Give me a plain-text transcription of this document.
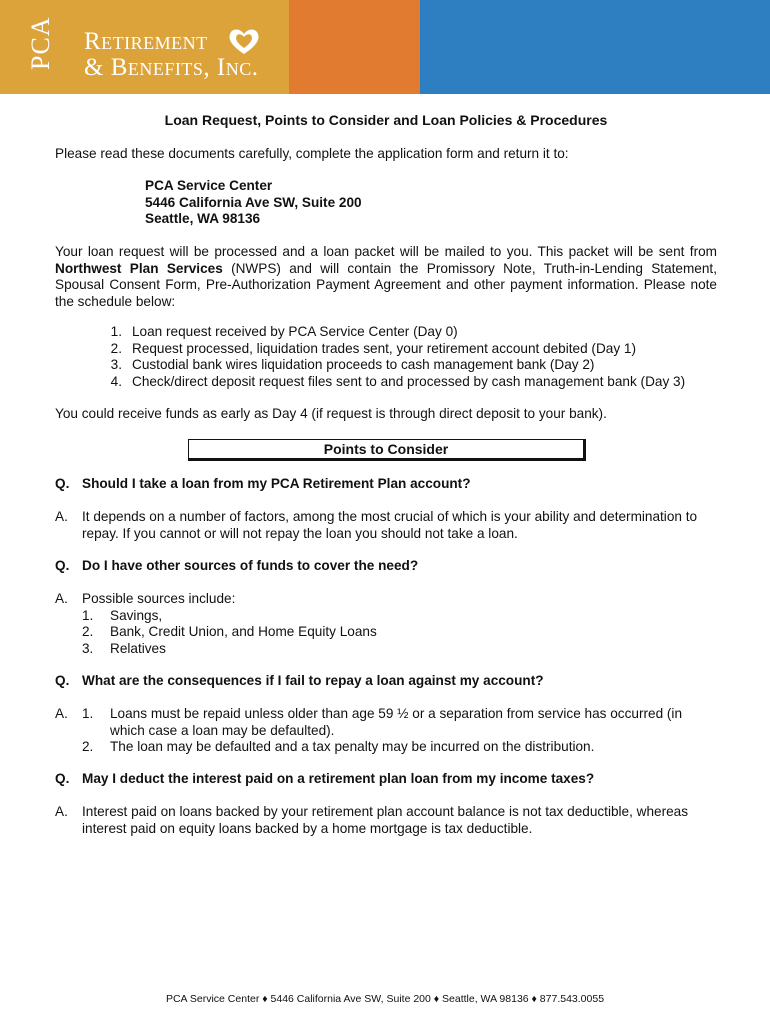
PCA Retirement
& Benefits, Inc.
Loan Request, Points to Consider and Loan Policies & Procedures
Please read these documents carefully, complete the application form and return it to:
PCA Service Center
5446 California Ave SW, Suite 200
Seattle, WA 98136
Your loan request will be processed and a loan packet will be mailed to you. This packet will be sent from Northwest Plan Services (NWPS) and will contain the Promissory Note, Truth-in-Lending Statement, Spousal Consent Form, Pre-Authorization Payment Agreement and other payment information. Please note the schedule below:
1. Loan request received by PCA Service Center (Day 0)
2. Request processed, liquidation trades sent, your retirement account debited (Day 1)
3. Custodial bank wires liquidation proceeds to cash management bank (Day 2)
4. Check/direct deposit request files sent to and processed by cash management bank (Day 3)
You could receive funds as early as Day 4 (if request is through direct deposit to your bank).
Points to Consider
Q. Should I take a loan from my PCA Retirement Plan account?
A.	It depends on a number of factors, among the most crucial of which is your ability and determination to repay. If you cannot or will not repay the loan you should not take a loan.
Q. Do I have other sources of funds to cover the need?
A.	Possible sources include:
1.	Savings,
2.	Bank, Credit Union, and Home Equity Loans
3.	Relatives
Q. What are the consequences if I fail to repay a loan against my account?
A.	1.	Loans must be repaid unless older than age 59 ½ or a separation from service has occurred (in which case a loan may be defaulted).
2.	The loan may be defaulted and a tax penalty may be incurred on the distribution.
Q. May I deduct the interest paid on a retirement plan loan from my income taxes?
A.	Interest paid on loans backed by your retirement plan account balance is not tax deductible, whereas interest paid on equity loans backed by a home mortgage is tax deductible.
PCA Service Center ♦ 5446 California Ave SW, Suite 200 ♦ Seattle, WA 98136 ♦ 877.543.0055
